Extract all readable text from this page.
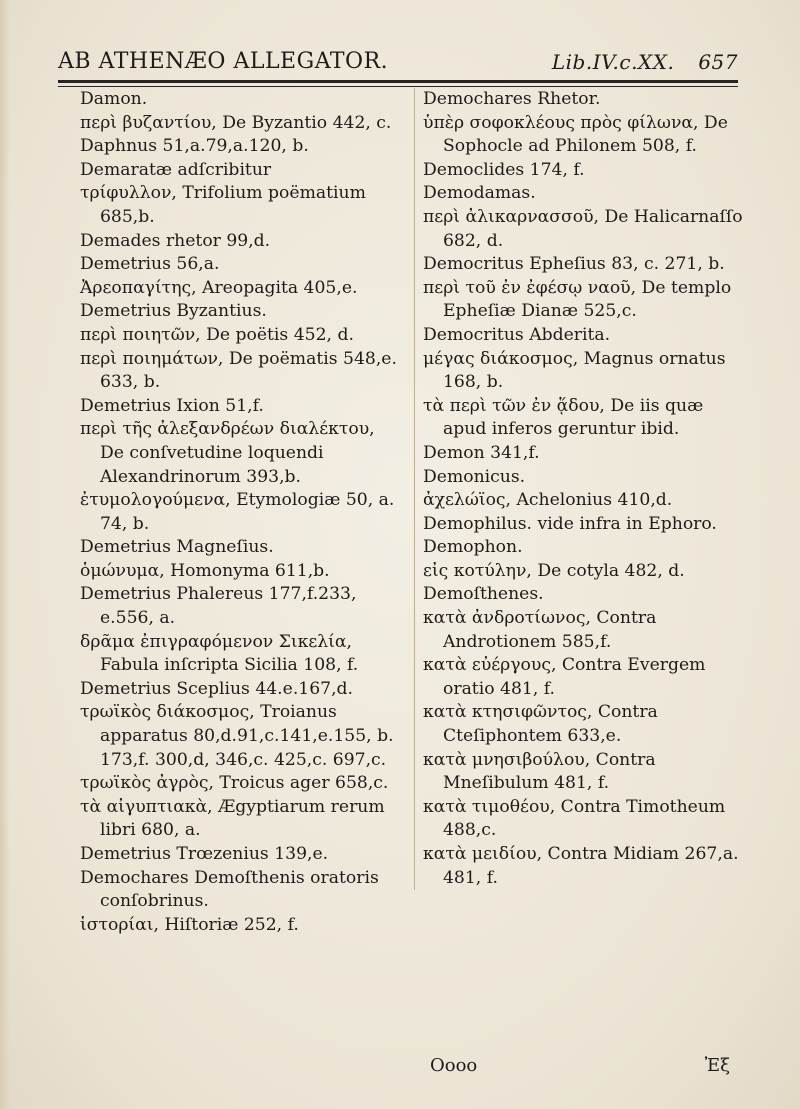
AB ATHENÆO ALLEGATOR.	Lib.IV.c.XX. 657

Damon.

περὶ βυζαντίου, De Byzantio 442, c.

Daphnus 51,a.79,a.120, b.

Demaratæ adſcribitur

τρίφυλλον, Trifolium poëmatium 685,b.

Demades rhetor 99,d.

Demetrius 56,a.

Ἀρεοπαγίτης, Areopagita 405,e.

Demetrius Byzantius.

περὶ ποιητῶν, De poëtis 452, d.

περὶ ποιημάτων, De poëmatis 548,e. 633, b.

Demetrius Ixion 51,f.

περὶ τῆς ἀλεξανδρέων διαλέκτου, De conſvetudine loquendi Alexandrinorum 393,b.

ἐτυμολογούμενα, Etymologiæ 50, a. 74, b.

Demetrius Magneſius.

ὁμώνυμα, Homonyma 611,b.

Demetrius Phalereus 177,f.233, e.556, a.

δρᾶμα ἐπιγραφόμενον Σικελία, Fabula inſcripta Sicilia 108, f.

Demetrius Sceplius 44.e.167,d.

τρωϊκὸς διάκοσμος, Troianus apparatus 80,d.91,c.141,e.155, b. 173,f. 300,d, 346,c. 425,c. 697,c.

τρωϊκὸς ἀγρὸς, Troicus ager 658,c.

τὰ αἰγυπτιακὰ, Ægyptiarum rerum libri 680, a.

Demetrius Trœzenius 139,e.

Demochares Demoſthenis oratoris conſobrinus.

ἱστορίαι, Hiſtoriæ 252, f.

Demochares Rhetor.

ὑπὲρ σοφοκλέους πρὸς φίλωνα, De Sophocle ad Philonem 508, f.

Democlides 174, f.

Demodamas.

περὶ ἀλικαρνασσοῦ, De Halicarnaſſo 682, d.

Democritus Epheſius 83, c. 271, b.

περὶ τοῦ ἐν ἐφέσῳ ναοῦ, De templo Epheſiæ Dianæ 525,c.

Democritus Abderita.

μέγας διάκοσμος, Magnus ornatus 168, b.

τὰ περὶ τῶν ἐν ᾅδου, De iis quæ apud inferos geruntur ibid.

Demon 341,f.

Demonicus.

ἀχελώϊος, Achelonius 410,d.

Demophilus. vide infra in Ephoro.

Demophon.

εἰς κοτύλην, De cotyla 482, d.

Demoſthenes.

κατὰ ἀνδροτίωνος, Contra Androtionem 585,f.

κατὰ εὐέργους, Contra Evergem oratio 481, f.

κατὰ κτησιφῶντος, Contra Cteſiphontem 633,e.

κατὰ μνησιβούλου, Contra Mneſibulum 481, f.

κατὰ τιμοθέου, Contra Timotheum 488,c.

κατὰ μειδίου, Contra Midiam 267,a. 481, f.

Oooo	Ἐξ
